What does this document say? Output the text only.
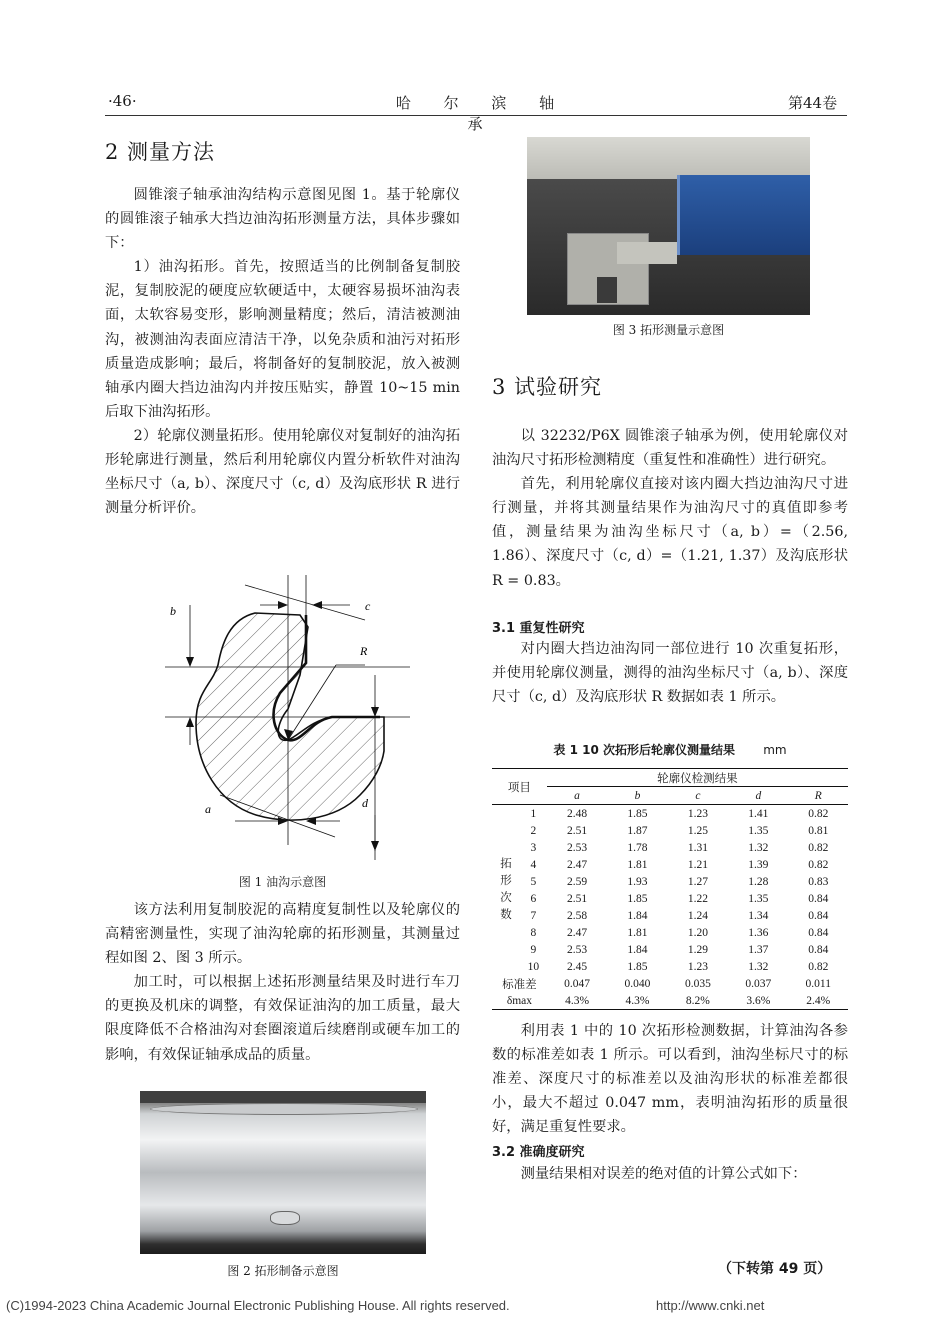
·46·	哈 尔 滨 轴 承
第44卷
2 测量方法

圆锥滚子轴承油沟结构示意图见图 1。基于轮廓仪的圆锥滚子轴承大挡边油沟拓形测量方法，具体步骤如下：

1）油沟拓形。首先，按照适当的比例制备复制胶泥，复制胶泥的硬度应软硬适中，太硬容易损坏油沟表面，太软容易变形，影响测量精度；然后，清洁被测油沟，被测油沟表面应清洁干净，以免杂质和油污对拓形质量造成影响；最后，将制备好的复制胶泥，放入被测轴承内圈大挡边油沟内并按压贴实，静置 10~15 min 后取下油沟拓形。

2）轮廓仪测量拓形。使用轮廓仪对复制好的油沟拓形轮廓进行测量，然后利用轮廓仪内置分析软件对油沟坐标尺寸（a, b）、深度尺寸（c, d）及沟底形状 R 进行测量分析评价。

b	c
R
a	d
图 1 油沟示意图

该方法利用复制胶泥的高精度复制性以及轮廓仪的高精密测量性，实现了油沟轮廓的拓形测量，其测量过程如图 2、图 3 所示。

加工时，可以根据上述拓形测量结果及时进行车刀的更换及机床的调整，有效保证油沟的加工质量，最大限度降低不合格油沟对套圈滚道后续磨削或硬车加工的影响，有效保证轴承成品的质量。

图 2 拓形制备示意图
图 3 拓形测量示意图
3 试验研究

以 32232/P6X 圆锥滚子轴承为例，使用轮廓仪对油沟尺寸拓形检测精度（重复性和准确性）进行研究。

首先，利用轮廓仪直接对该内圈大挡边油沟尺寸进行测量，并将其测量结果作为油沟尺寸的真值即参考值，测量结果为油沟坐标尺寸（a, b）=（2.56, 1.86）、深度尺寸（c, d）=（1.21, 1.37）及沟底形状 R = 0.83。

3.1 重复性研究

对内圈大挡边油沟同一部位进行 10 次重复拓形，并使用轮廓仪测量，测得的油沟坐标尺寸（a, b）、深度尺寸（c, d）及沟底形状 R 数据如表 1 所示。

表 1 10 次拓形后轮廓仪测量结果 mm
项目		轮廓仪检测结果				
		a	b	c	d	R
拓
形
次
数	1	2.48	1.85	1.23	1.41	0.82
	2	2.51	1.87	1.25	1.35	0.81
	3	2.53	1.78	1.31	1.32	0.82
	4	2.47	1.81	1.21	1.39	0.82
	5	2.59	1.93	1.27	1.28	0.83
	6	2.51	1.85	1.22	1.35	0.84
	7	2.58	1.84	1.24	1.34	0.84
	8	2.47	1.81	1.20	1.36	0.84
	9	2.53	1.84	1.29	1.37	0.84
	10	2.45	1.85	1.23	1.32	0.82
标准差		0.047	0.040	0.035	0.037	0.011
δmax		4.3%	4.3%	8.2%	3.6%	2.4%

利用表 1 中的 10 次拓形检测数据，计算油沟各参数的标准差如表 1 所示。可以看到，油沟坐标尺寸的标准差、深度尺寸的标准差以及油沟形状的标准差都很小，最大不超过 0.047 mm，表明油沟拓形的质量很好，满足重复性要求。

3.2 准确度研究

测量结果相对误差的绝对值的计算公式如下：

（下转第 49 页）
(C)1994-2023 China Academic Journal Electronic Publishing House. All rights reserved.	http://www.cnki.net
